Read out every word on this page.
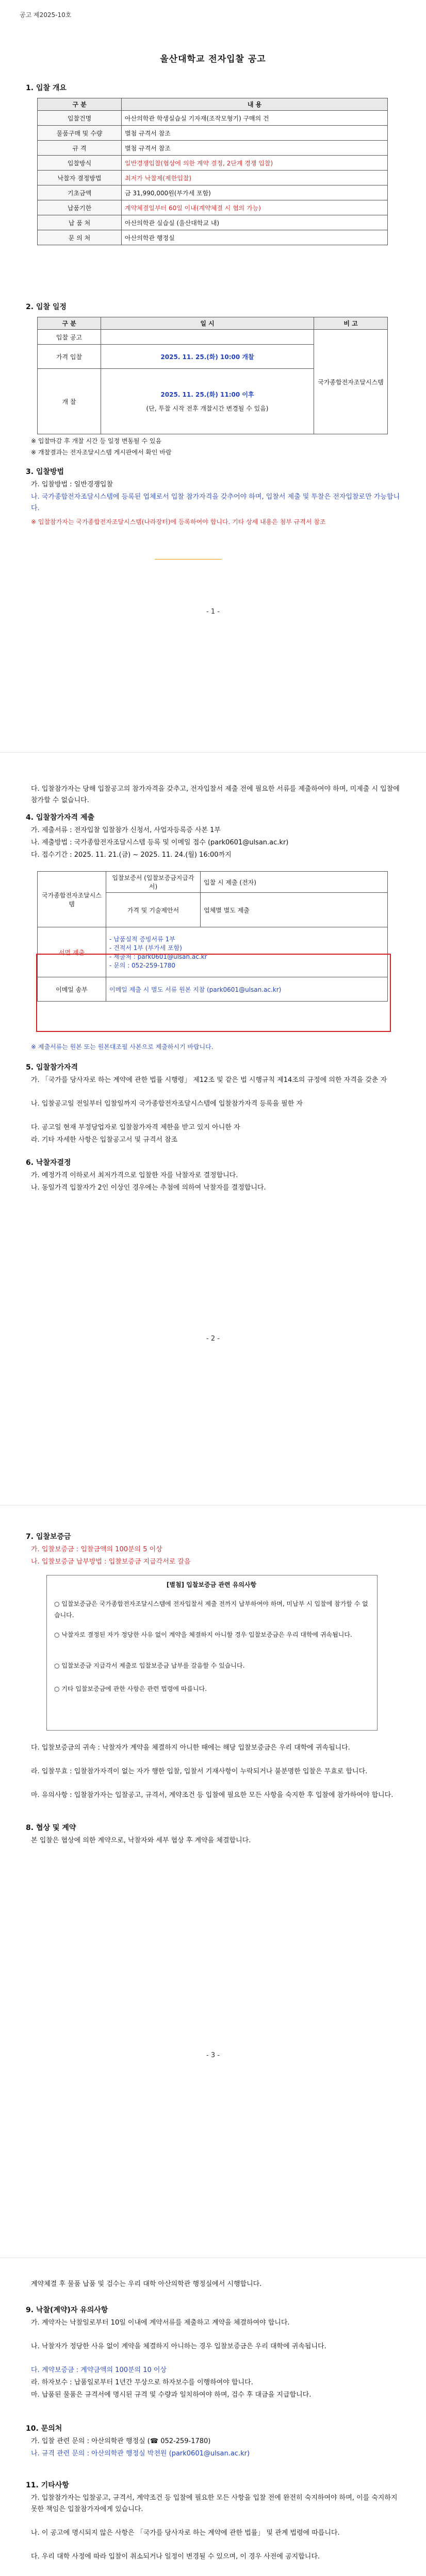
공고 제2025-10호
울산대학교 전자입찰 공고
1. 입찰 개요
구 분	내 용
입찰건명	아산의학관 학생실습실 기자재(조작모형기) 구매의 건
물품구매 및 수량	별첨 규격서 참조
규 격	별첨 규격서 참조
입찰방식	일반경쟁입찰(협상에 의한 계약 결정, 2단계 경쟁 입찰)
낙찰자 결정방법	최저가 낙찰제(제한입찰)
기초금액	금 31,990,000원(부가세 포함)
납품기한	계약체결일부터 60일 이내(계약체결 시 협의 가능)
납 품 처	아산의학관 실습실 (울산대학교 내)
문 의 처	아산의학관 행정실
2. 입찰 일정
구 분	일 시	비 고
입찰 공고		국가종합전자조달시스템
가격 입찰	2025. 11. 25.(화) 10:00 개찰	
개 찰	2025. 11. 25.(화) 11:00 이후
(단, 투찰 시작 전후 개찰시간 변경될 수 있음)	
※ 입찰마감 후 개찰 시간 등 일정 변동될 수 있음
※ 개찰결과는 전자조달시스템 게시판에서 확인 바람
3. 입찰방법
가. 입찰방법 : 일반경쟁입찰
나. 국가종합전자조달시스템에 등록된 업체로서 입찰 참가자격을 갖추어야 하며, 입찰서 제출 및 투찰은 전자입찰로만 가능합니다.
※ 입찰참가자는 국가종합전자조달시스템(나라장터)에 등록하여야 합니다. 기타 상세 내용은 첨부 규격서 참조
- 1 -
다. 입찰참가자는 당해 입찰공고의 참가자격을 갖추고, 전자입찰서 제출 전에 필요한 서류를 제출하여야 하며, 미제출 시 입찰에 참가할 수 없습니다.
4. 입찰참가자격 제출
가. 제출서류 : 전자입찰 입찰참가 신청서, 사업자등록증 사본 1부
나. 제출방법 : 국가종합전자조달시스템 등록 및 이메일 접수 (park0601@ulsan.ac.kr)
다. 접수기간 : 2025. 11. 21.(금) ~ 2025. 11. 24.(월) 16:00까지
국가종합전자조달시스템	입찰보증서 (입찰보증금지급각서)	입찰 시 제출 (전자)
	가격 및 기술제안서	업체별 별도 제출
서면 제출	- 납품실적 증빙서류 1부
- 견적서 1부 (부가세 포함)
- 제출처 : park0601@ulsan.ac.kr
- 문의 : 052-259-1780	

이메일 송부	이메일 제출 시 별도 서류 원본 지참 (park0601@ulsan.ac.kr)	
※ 제출서류는 원본 또는 원본대조필 사본으로 제출하시기 바랍니다.
5. 입찰참가자격
가. 「국가를 당사자로 하는 계약에 관한 법률 시행령」 제12조 및 같은 법 시행규칙 제14조의 규정에 의한 자격을 갖춘 자
나. 입찰공고일 전일부터 입찰일까지 국가종합전자조달시스템에 입찰참가자격 등록을 필한 자
다. 공고일 현재 부정당업자로 입찰참가자격 제한을 받고 있지 아니한 자
라. 기타 자세한 사항은 입찰공고서 및 규격서 참조
6. 낙찰자결정
가. 예정가격 이하로서 최저가격으로 입찰한 자를 낙찰자로 결정합니다.
나. 동일가격 입찰자가 2인 이상인 경우에는 추첨에 의하여 낙찰자를 결정합니다.
- 2 -
7. 입찰보증금
가. 입찰보증금 : 입찰금액의 100분의 5 이상
나. 입찰보증금 납부방법 : 입찰보증금 지급각서로 갈음
[별첨] 입찰보증금 관련 유의사항
○ 입찰보증금은 국가종합전자조달시스템에 전자입찰서 제출 전까지 납부하여야 하며, 미납부 시 입찰에 참가할 수 없습니다.
○ 낙찰자로 결정된 자가 정당한 사유 없이 계약을 체결하지 아니할 경우 입찰보증금은 우리 대학에 귀속됩니다.
○ 입찰보증금 지급각서 제출로 입찰보증금 납부를 갈음할 수 있습니다.
○ 기타 입찰보증금에 관한 사항은 관련 법령에 따릅니다.
다. 입찰보증금의 귀속 : 낙찰자가 계약을 체결하지 아니한 때에는 해당 입찰보증금은 우리 대학에 귀속됩니다.
라. 입찰무효 : 입찰참가자격이 없는 자가 행한 입찰, 입찰서 기재사항이 누락되거나 불분명한 입찰은 무효로 합니다.
마. 유의사항 : 입찰참가자는 입찰공고, 규격서, 계약조건 등 입찰에 필요한 모든 사항을 숙지한 후 입찰에 참가하여야 합니다.
8. 협상 및 계약
본 입찰은 협상에 의한 계약으로, 낙찰자와 세부 협상 후 계약을 체결합니다.
- 3 -
계약체결 후 물품 납품 및 검수는 우리 대학 아산의학관 행정실에서 시행합니다.
9. 낙찰(계약)자 유의사항
가. 계약자는 낙찰일로부터 10일 이내에 계약서류를 제출하고 계약을 체결하여야 합니다.
나. 낙찰자가 정당한 사유 없이 계약을 체결하지 아니하는 경우 입찰보증금은 우리 대학에 귀속됩니다.
다. 계약보증금 : 계약금액의 100분의 10 이상
라. 하자보수 : 납품일로부터 1년간 무상으로 하자보수를 이행하여야 합니다.
마. 납품된 물품은 규격서에 명시된 규격 및 수량과 일치하여야 하며, 검수 후 대금을 지급합니다.
10. 문의처
가. 입찰 관련 문의 : 아산의학관 행정실 (☎ 052-259-1780)
나. 규격 관련 문의 : 아산의학관 행정실 박천원 (park0601@ulsan.ac.kr)
11. 기타사항
가. 입찰참가자는 입찰공고, 규격서, 계약조건 등 입찰에 필요한 모든 사항을 입찰 전에 완전히 숙지하여야 하며, 이를 숙지하지 못한 책임은 입찰참가자에게 있습니다.
나. 이 공고에 명시되지 않은 사항은 「국가를 당사자로 하는 계약에 관한 법률」 및 관계 법령에 따릅니다.
다. 우리 대학 사정에 따라 입찰이 취소되거나 일정이 변경될 수 있으며, 이 경우 사전에 공지합니다.
